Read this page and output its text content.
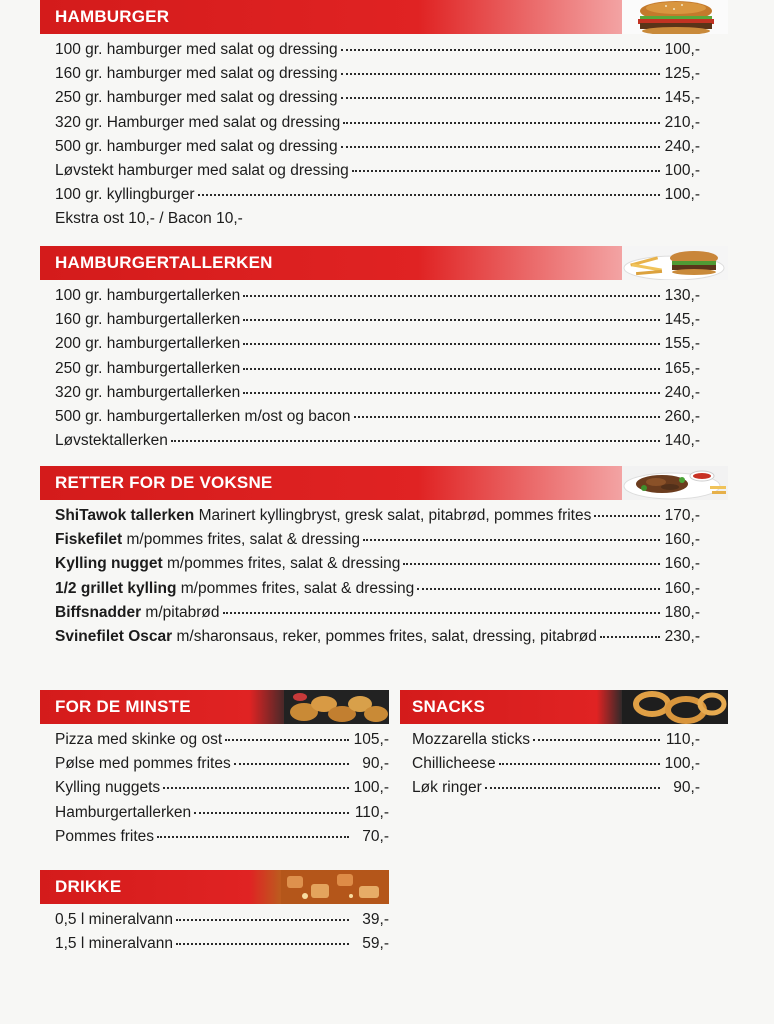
HAMBURGER
100 gr. hamburger med salat og dressing	100,-
160 gr. hamburger med salat og dressing	125,-
250 gr. hamburger med salat og dressing	145,-
320 gr. Hamburger med salat og dressing	210,-
500 gr. hamburger med salat og dressing	240,-
Løvstekt hamburger med salat og dressing	100,-
100 gr. kyllingburger	100,-
Ekstra ost 10,- / Bacon 10,-
HAMBURGERTALLERKEN
100 gr. hamburgertallerken	130,-
160 gr. hamburgertallerken	145,-
200 gr. hamburgertallerken	155,-
250 gr. hamburgertallerken	165,-
320 gr. hamburgertallerken	240,-
500 gr. hamburgertallerken m/ost og bacon	260,-
Løvstektallerken	140,-
RETTER FOR DE VOKSNE
ShiTawok tallerken Marinert kyllingbryst, gresk salat, pitabrød, pommes frites	170,-
Fiskefilet m/pommes frites, salat & dressing	160,-
Kylling nugget m/pommes frites, salat & dressing	160,-
1/2 grillet kylling m/pommes frites, salat & dressing	160,-
Biffsnadder m/pitabrød	180,-
Svinefilet Oscar m/sharonsaus, reker, pommes frites, salat, dressing, pitabrød	230,-
FOR DE MINSTE
Pizza med skinke og ost	105,-
Pølse med pommes frites	90,-
Kylling nuggets	100,-
Hamburgertallerken	110,-
Pommes frites	70,-
SNACKS
Mozzarella sticks	110,-
Chillicheese	100,-
Løk ringer	90,-
DRIKKE
0,5 l mineralvann	39,-
1,5 l mineralvann	59,-
